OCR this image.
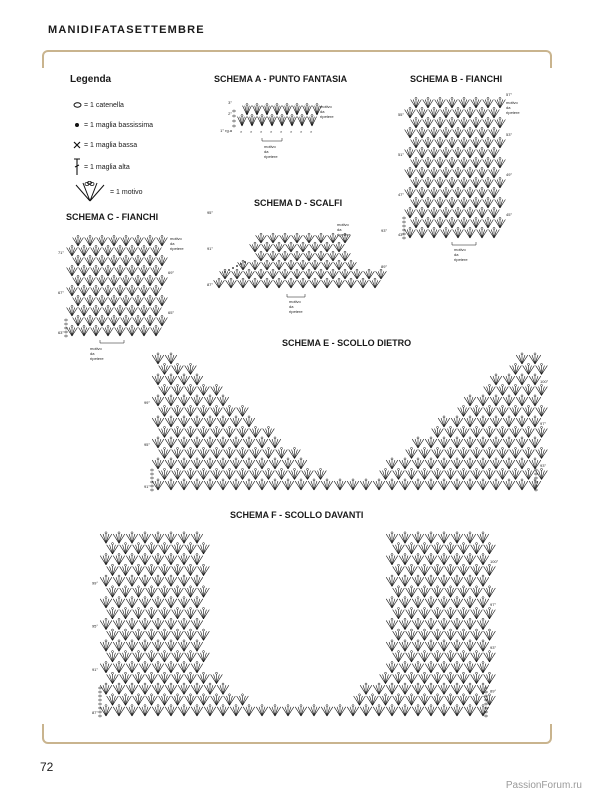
MANIDIFATASETTEMBRE
72
PassionForum.ru
Legenda
= 1 catenella
= 1 maglia bassissima
= 1 maglia bassa
= 1 maglia alta
= 1 motivo
SCHEMA A - PUNTO FANTASIA
× × × × × × × ×
3°
2°
1° rg.a
motivo da ripetere
motivo da ripetere
SCHEMA B - FIANCHI
43°
45°
47°
49°
51°
53°
55°
57°
motivo da ripetere
motivo da ripetere
SCHEMA C - FIANCHI
63°
65°
67°
69°
71°
motivo da ripetere
motivo da ripetere
SCHEMA D - SCALFI
87°
89°
91°
93°
95°
motivo da ripetere
motivo da ripetere
SCHEMA E - SCOLLO DIETRO
91°
93°
95°
97°
99°
100°
SCHEMA F - SCOLLO DAVANTI
87°
89°
91°
93°
95°
97°
99°
100°
